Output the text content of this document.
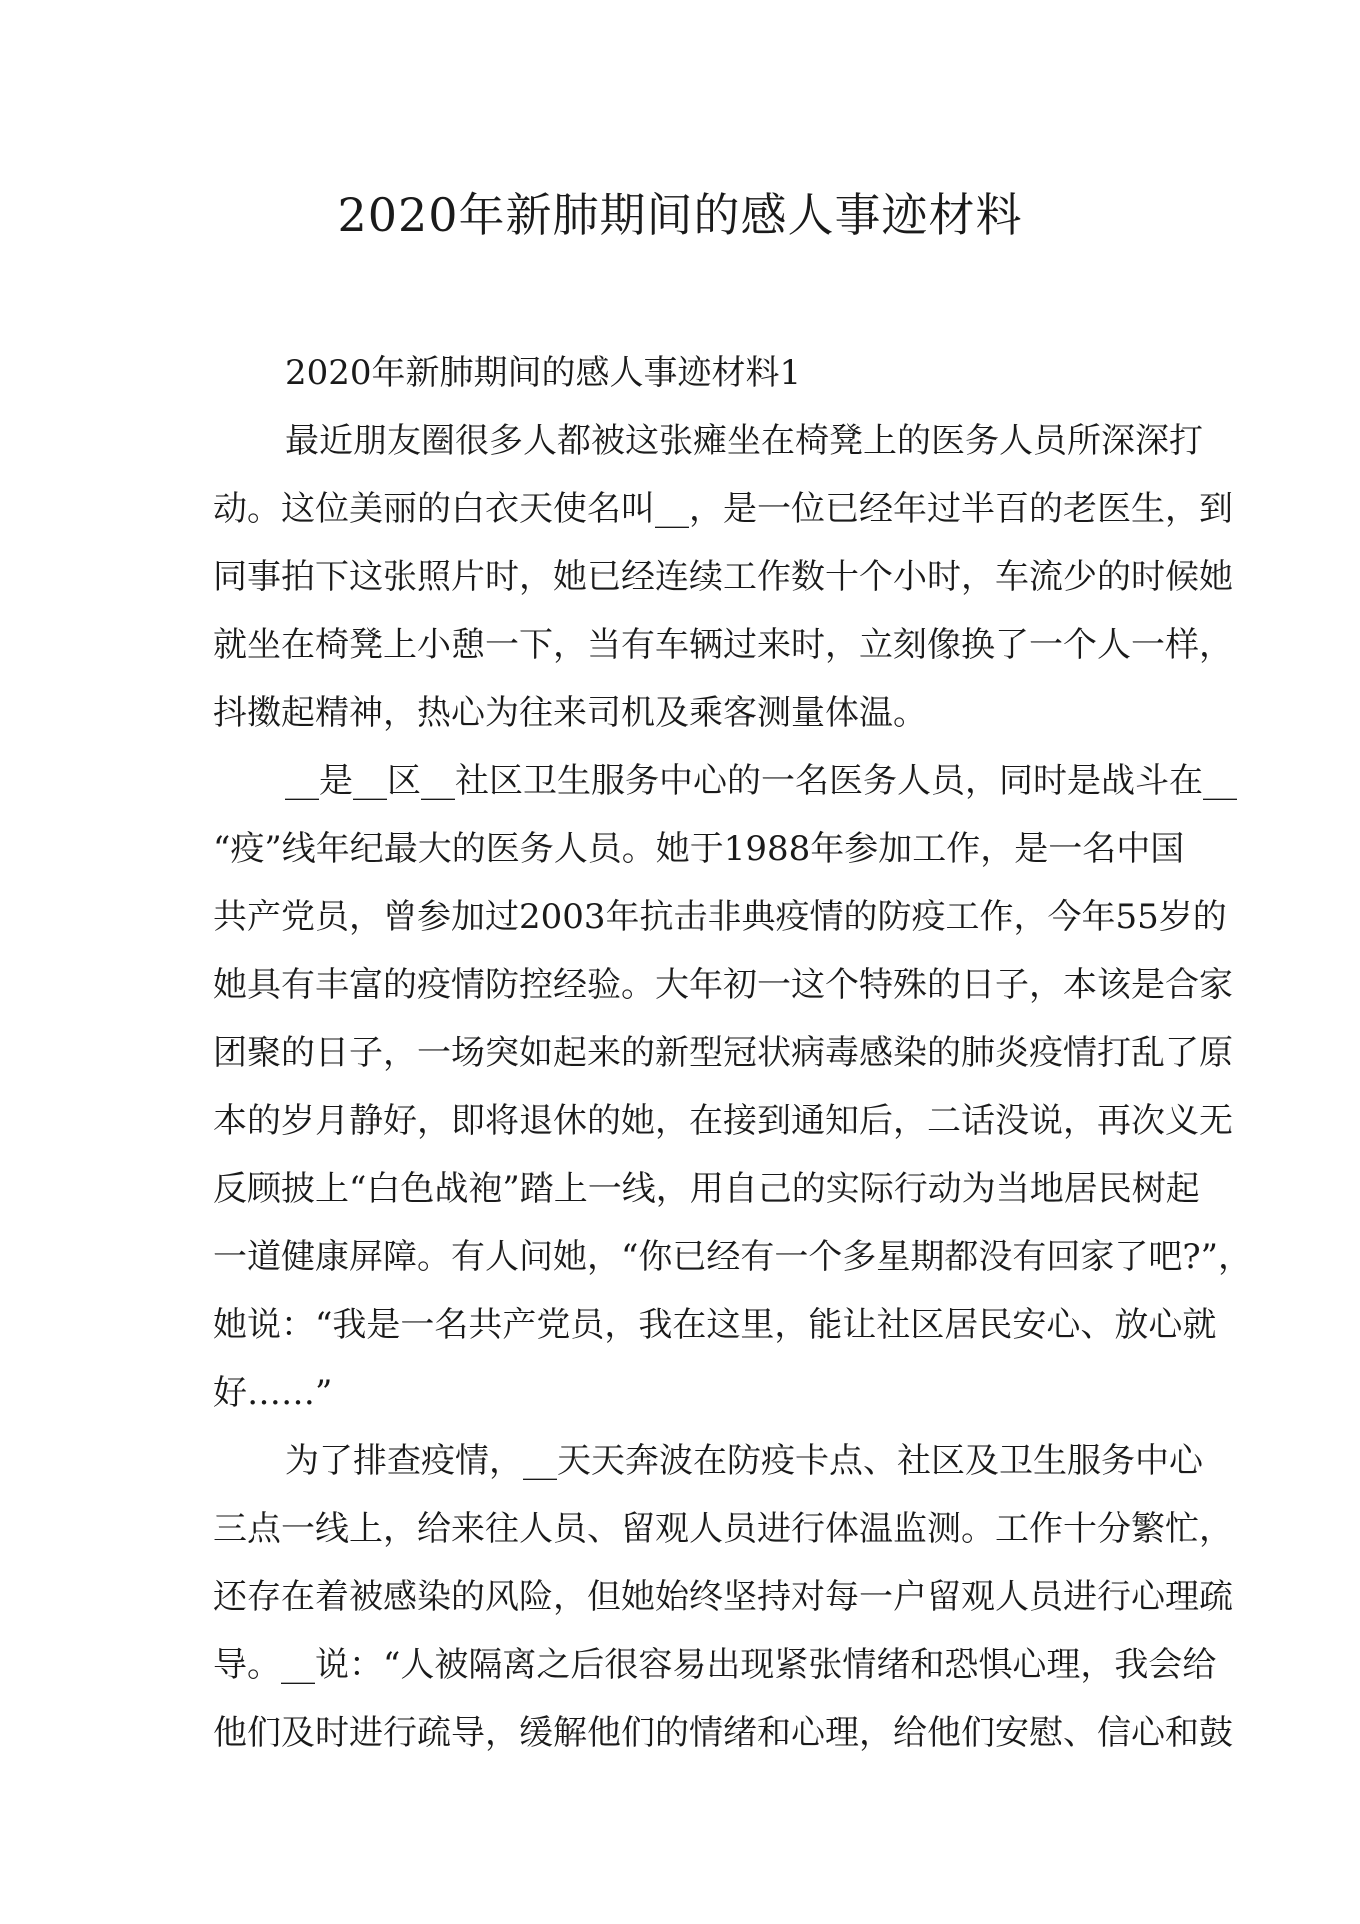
2020年新肺期间的感人事迹材料

2020年新肺期间的感人事迹材料1

最近朋友圈很多人都被这张瘫坐在椅凳上的医务人员所深深打

动。这位美丽的白衣天使名叫__，是一位已经年过半百的老医生，到

同事拍下这张照片时，她已经连续工作数十个小时，车流少的时候她

就坐在椅凳上小憩一下，当有车辆过来时，立刻像换了一个人一样，

抖擞起精神，热心为往来司机及乘客测量体温。

__是__区__社区卫生服务中心的一名医务人员，同时是战斗在__

“疫”线年纪最大的医务人员。她于1988年参加工作，是一名中国

共产党员，曾参加过2003年抗击非典疫情的防疫工作，今年55岁的

她具有丰富的疫情防控经验。大年初一这个特殊的日子，本该是合家

团聚的日子，一场突如起来的新型冠状病毒感染的肺炎疫情打乱了原

本的岁月静好，即将退休的她，在接到通知后，二话没说，再次义无

反顾披上“白色战袍”踏上一线，用自己的实际行动为当地居民树起

一道健康屏障。有人问她，“你已经有一个多星期都没有回家了吧?”，

她说：“我是一名共产党员，我在这里，能让社区居民安心、放心就

好……”

为了排查疫情，__天天奔波在防疫卡点、社区及卫生服务中心

三点一线上，给来往人员、留观人员进行体温监测。工作十分繁忙，

还存在着被感染的风险，但她始终坚持对每一户留观人员进行心理疏

导。__说：“人被隔离之后很容易出现紧张情绪和恐惧心理，我会给

他们及时进行疏导，缓解他们的情绪和心理，给他们安慰、信心和鼓
